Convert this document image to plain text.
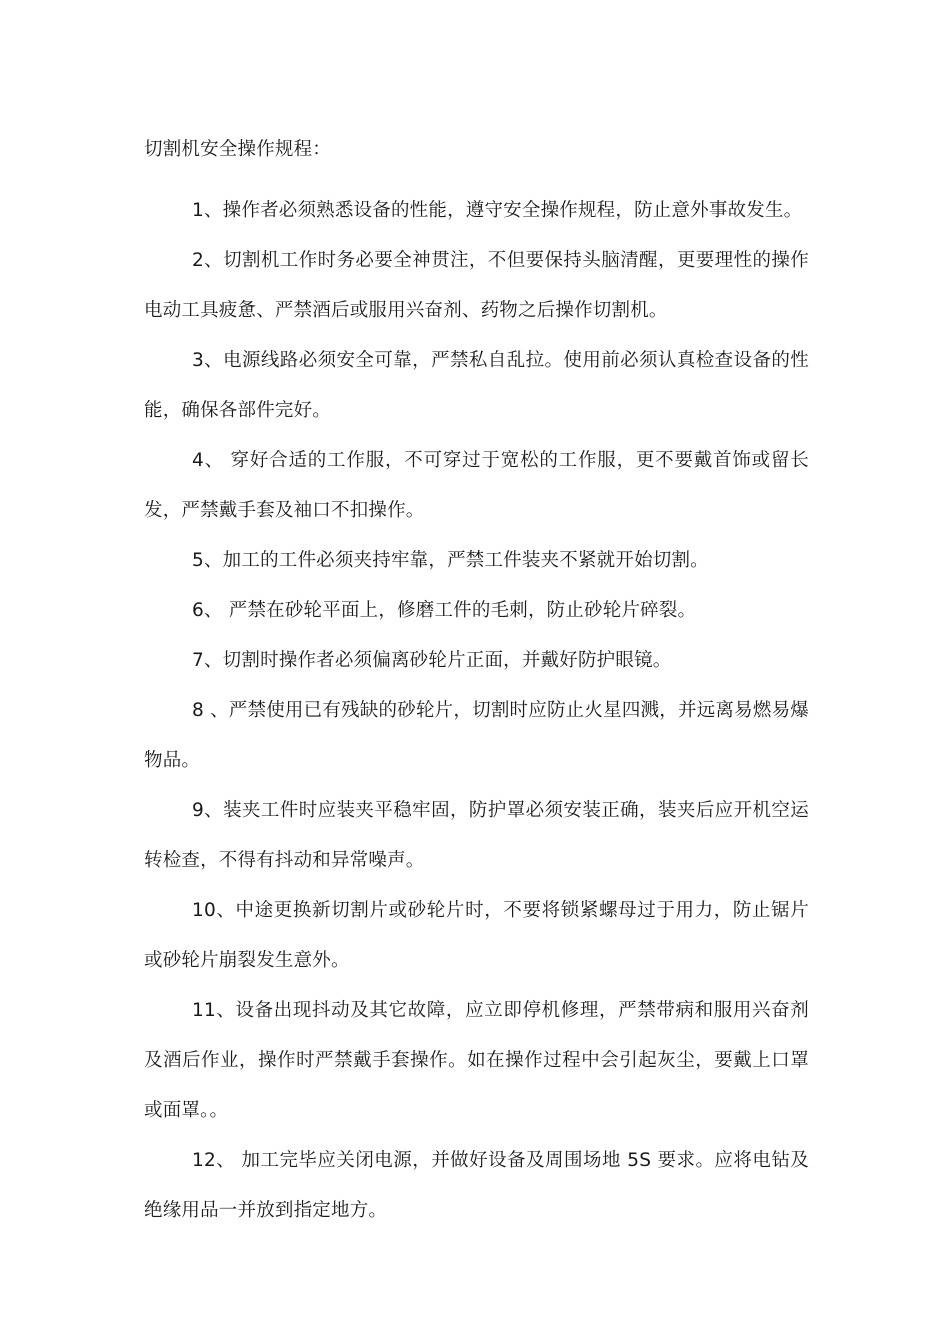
切割机安全操作规程：

1、操作者必须熟悉设备的性能，遵守安全操作规程，防止意外事故发生。

2、切割机工作时务必要全神贯注，不但要保持头脑清醒，更要理性的操作电动工具疲惫、严禁酒后或服用兴奋剂、药物之后操作切割机。

3、电源线路必须安全可靠，严禁私自乱拉。使用前必须认真检查设备的性能，确保各部件完好。

4、 穿好合适的工作服，不可穿过于宽松的工作服，更不要戴首饰或留长发，严禁戴手套及袖口不扣操作。

5、加工的工件必须夹持牢靠，严禁工件装夹不紧就开始切割。

6、 严禁在砂轮平面上，修磨工件的毛刺，防止砂轮片碎裂。

7、切割时操作者必须偏离砂轮片正面，并戴好防护眼镜。

8 、严禁使用已有残缺的砂轮片，切割时应防止火星四溅，并远离易燃易爆物品。

9、装夹工件时应装夹平稳牢固，防护罩必须安装正确，装夹后应开机空运转检查，不得有抖动和异常噪声。

10、中途更换新切割片或砂轮片时，不要将锁紧螺母过于用力，防止锯片或砂轮片崩裂发生意外。

11、设备出现抖动及其它故障，应立即停机修理，严禁带病和服用兴奋剂及酒后作业，操作时严禁戴手套操作。如在操作过程中会引起灰尘，要戴上口罩或面罩。。

12、 加工完毕应关闭电源，并做好设备及周围场地 5S 要求。应将电钻及绝缘用品一并放到指定地方。
